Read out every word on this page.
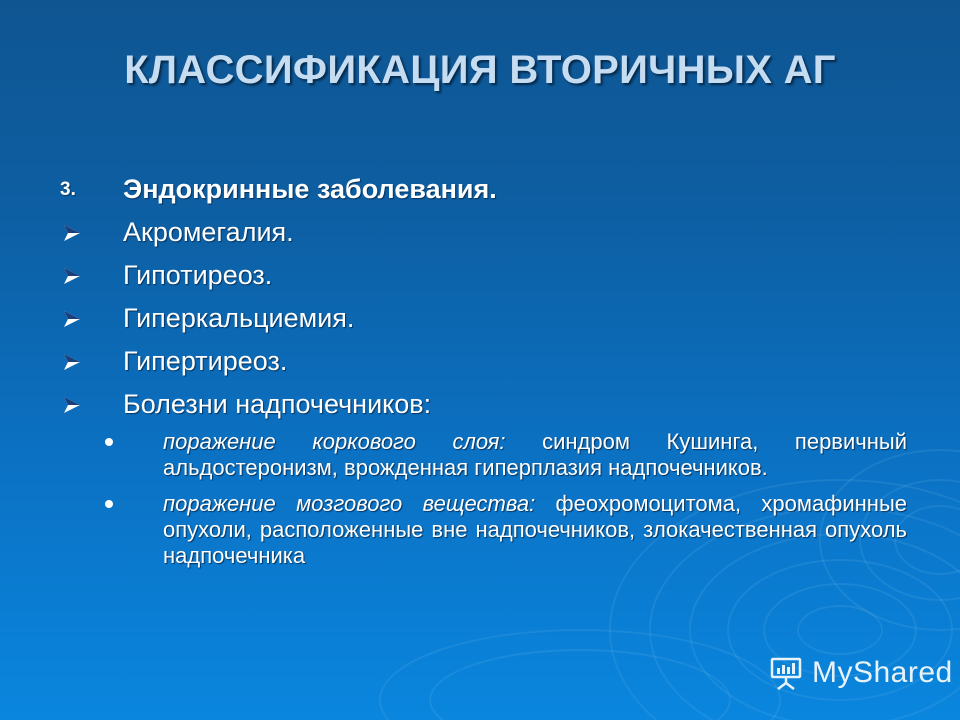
КЛАССИФИКАЦИЯ ВТОРИЧНЫХ АГ
3. Эндокринные заболевания.
Акромегалия.
Гипотиреоз.
Гиперкальциемия.
Гипертиреоз.
Болезни надпочечников:
поражение коркового слоя: синдром Кушинга, первичный альдостеронизм, врожденная гиперплазия надпочечников.
поражение мозгового вещества: феохромоцитома, хромафинные опухоли, расположенные вне надпочечников, злокачественная опухоль надпочечника
MyShared
